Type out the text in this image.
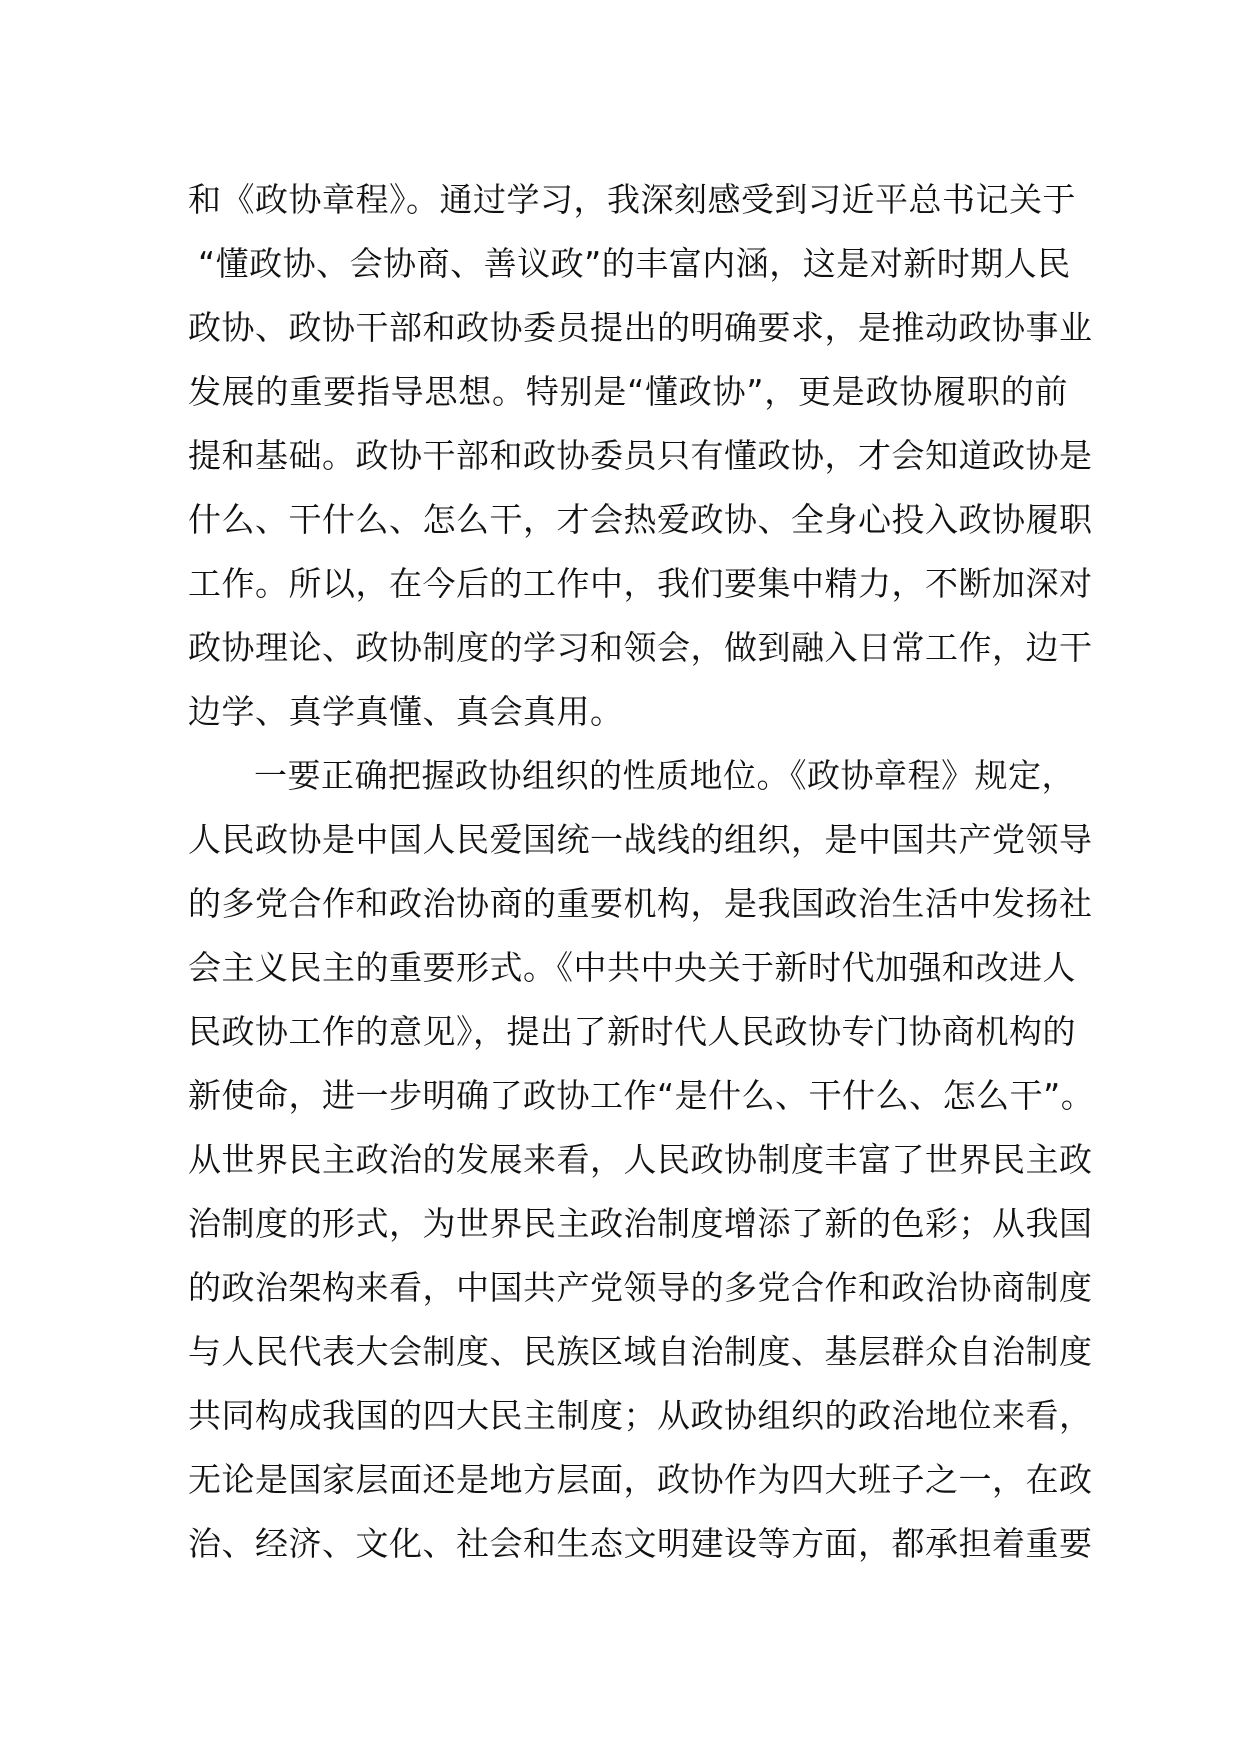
和《政协章程》。通过学习，我深刻感受到习近平总书记关于
“懂政协、会协商、善议政”的丰富内涵，这是对新时期人民
政协、政协干部和政协委员提出的明确要求，是推动政协事业
发展的重要指导思想。特别是“懂政协”，更是政协履职的前
提和基础。政协干部和政协委员只有懂政协，才会知道政协是
什么、干什么、怎么干，才会热爱政协、全身心投入政协履职
工作。所以，在今后的工作中，我们要集中精力，不断加深对
政协理论、政协制度的学习和领会，做到融入日常工作，边干
边学、真学真懂、真会真用。
一要正确把握政协组织的性质地位。《政协章程》规定，
人民政协是中国人民爱国统一战线的组织，是中国共产党领导
的多党合作和政治协商的重要机构，是我国政治生活中发扬社
会主义民主的重要形式。《中共中央关于新时代加强和改进人
民政协工作的意见》，提出了新时代人民政协专门协商机构的
新使命，进一步明确了政协工作“是什么、干什么、怎么干”。
从世界民主政治的发展来看，人民政协制度丰富了世界民主政
治制度的形式，为世界民主政治制度增添了新的色彩；从我国
的政治架构来看，中国共产党领导的多党合作和政治协商制度
与人民代表大会制度、民族区域自治制度、基层群众自治制度
共同构成我国的四大民主制度；从政协组织的政治地位来看，
无论是国家层面还是地方层面，政协作为四大班子之一，在政
治、经济、文化、社会和生态文明建设等方面，都承担着重要
